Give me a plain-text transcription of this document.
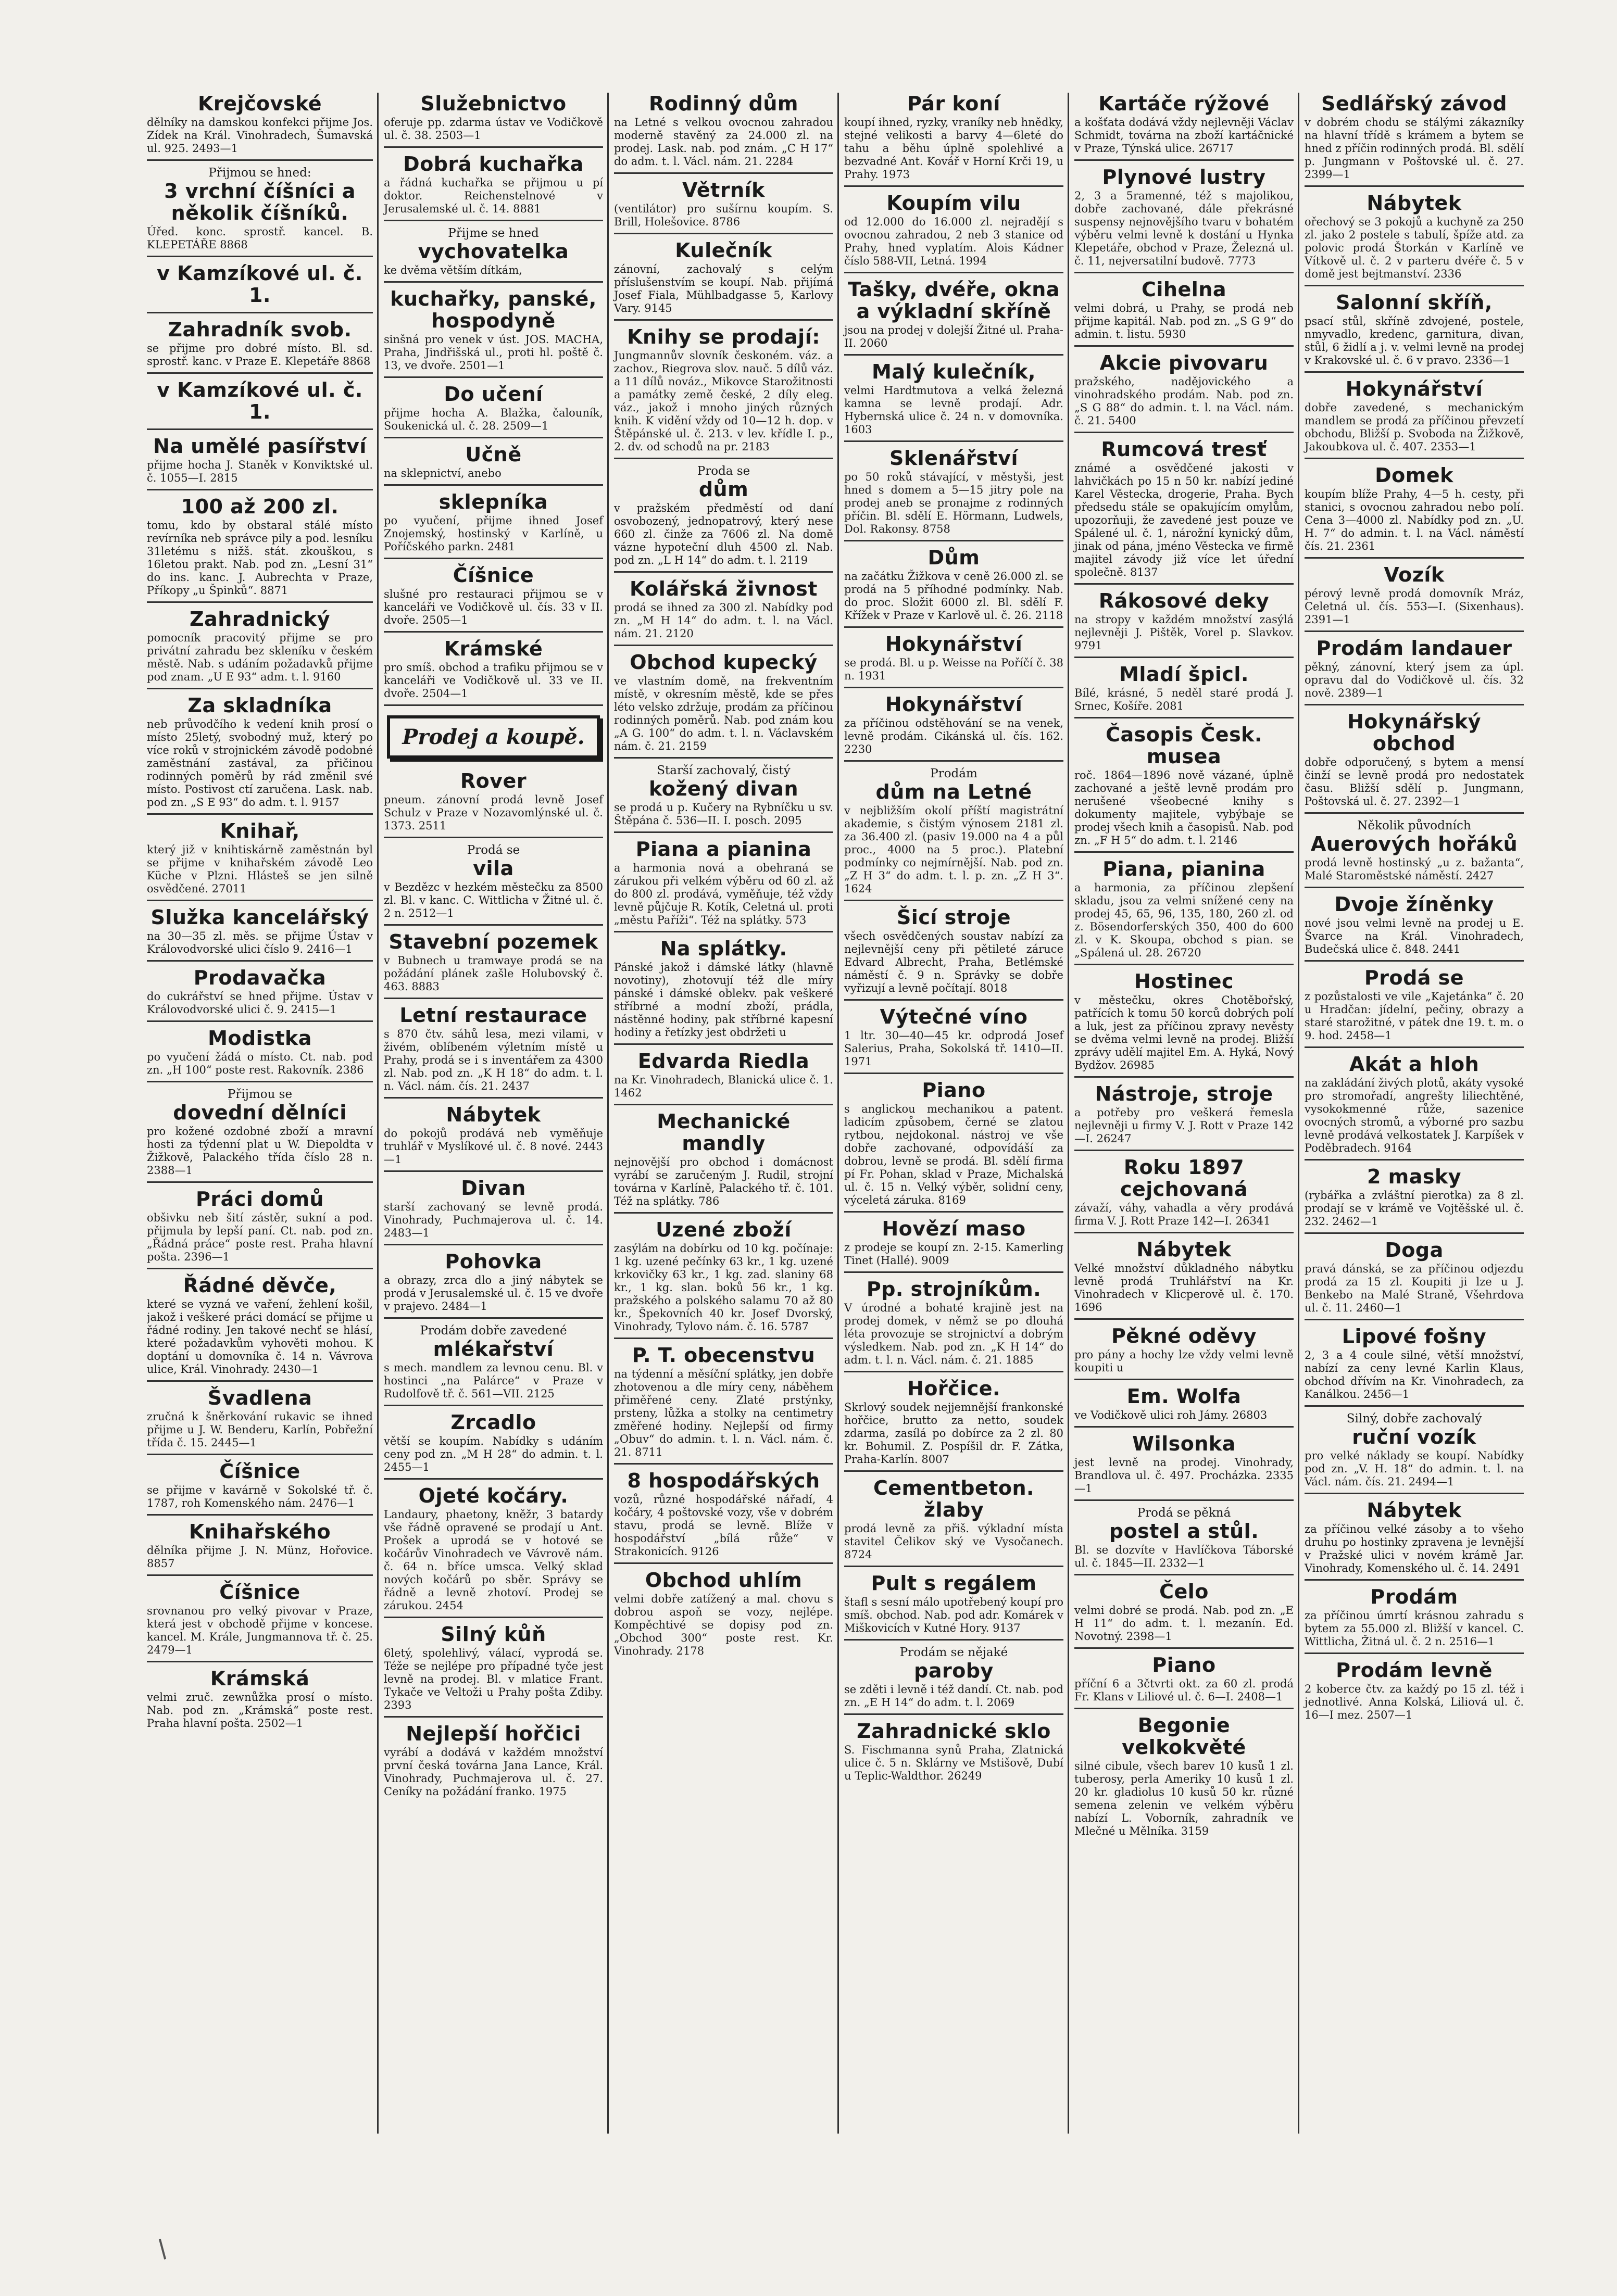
Krejčovské

dělníky na damskou konfekci přijme Jos. Zídek na Král. Vinohradech, Šumavská ul. 925. 2493—1

Přijmou se hned:

3 vrchní číšníci a několik číšníků.

Úřed. konc. sprostř. kancel. B. KLEPETÁŘE 8868

v Kamzíkové ul. č. 1.
Zahradník svob.

se přijme pro dobré místo. Bl. sd. sprostř. kanc. v Praze E. Klepetáře 8868

v Kamzíkové ul. č. 1.
Na umělé pasířství

přijme hocha J. Staněk v Konviktské ul. č. 1055—I. 2815

100 až 200 zl.

tomu, kdo by obstaral stálé místo revírníka neb správce pily a pod. lesníku 31letému s nižš. stát. zkouškou, s 16letou prakt. Nab. pod zn. „Lesní 31“ do ins. kanc. J. Aubrechta v Praze, Příkopy „u Špinků“. 8871

Zahradnický

pomocník pracovitý přijme se pro privátní zahradu bez skleníku v českém městě. Nab. s udáním požadavků přijme pod znam. „U E 93“ adm. t. l. 9160

Za skladníka

neb průvodčího k vedení knih prosí o místo 25letý, svobodný muž, který po více roků v strojnickém závodě podobné zaměstnání zastával, za přičinou rodinných poměrů by rád změnil své místo. Postivost ctí zaručena. Lask. nab. pod zn. „S E 93“ do adm. t. l. 9157

Knihař,

který již v knihtiskárně zaměstnán byl se přijme v knihařském závodě Leo Küche v Plzni. Hlásteš se jen silně osvědčené. 27011

Služka kancelářský

na 30—35 zl. měs. se přijme Ústav v Královodvorské ulici číslo 9. 2416—1

Prodavačka

do cukrářství se hned přijme. Ústav v Královodvorské ulici č. 9. 2415—1

Modistka

po vyučení žádá o místo. Ct. nab. pod zn. „H 100“ poste rest. Rakovník. 2386

Přijmou se

dovední dělníci

pro kožené ozdobné zboží a mravní hosti za týdenní plat u W. Diepoldta v Žižkově, Palackého třída číslo 28 n. 2388—1

Práci domů

obšivku neb šití zástěr, sukní a pod. přijmula by lepší paní. Ct. nab. pod zn. „Řádná práce“ poste rest. Praha hlavní pošta. 2396—1

Řádné děvče,

které se vyzná ve vaření, žehlení košil, jakož i veškeré práci domácí se přijme u řádné rodiny. Jen takové nechť se hlásí, které požadavkům vyhověti mohou. K doptání u domovníka č. 14 n. Vávrova ulice, Král. Vinohrady. 2430—1

Švadlena

zručná k šněrkování rukavic se ihned přijme u J. W. Benderu, Karlín, Pobřežní třída č. 15. 2445—1

Číšnice

se přijme v kavárně v Sokolské tř. č. 1787, roh Komenského nám. 2476—1

Knihařského

dělníka přijme J. N. Münz, Hořovice. 8857

Číšnice

srovnanou pro velký pivovar v Praze, která jest v obchodě přijme v koncese. kancel. M. Krále, Jungmannova tř. č. 25. 2479—1

Krámská

velmi zruč. zewnůžka prosí o místo. Nab. pod zn. „Krámská“ poste rest. Praha hlavní pošta. 2502—1

Služebnictvo

oferuje pp. zdarma ústav ve Vodičkově ul. č. 38. 2503—1

Dobrá kuchařka

a řádná kuchařka se přijmou u pí doktor. Reichenstelnové v Jerusalemské ul. č. 14. 8881

Přijme se hned

vychovatelka

ke dvěma větším dítkám,

kuchařky, panské, hospodyně

sinšná pro venek v úst. JOS. MACHA, Praha, Jindřišská ul., proti hl. poště č. 13, ve dvoře. 2501—1

Do učení

přijme hocha A. Blažka, čalouník, Soukenická ul. č. 28. 2509—1

Učně

na sklepnictví, anebo

sklepníka

po vyučení, přijme ihned Josef Znojemský, hostinský v Karlíně, u Poříčského parkn. 2481

Číšnice

slušné pro restauraci přijmou se v kanceláři ve Vodičkově ul. čís. 33 v II. dvoře. 2505—1

Krámské

pro smíš. obchod a trafiku přijmou se v kanceláři ve Vodičkově ul. 33 ve II. dvoře. 2504—1

Prodej a koupě.
Rover

pneum. zánovní prodá levně Josef Schulz v Praze v Nozavomlýnské ul. č. 1373. 2511

Prodá se

vila

v Bezdězc v hezkém městečku za 8500 zl. Bl. v kanc. C. Wittlicha v Žitné ul. č. 2 n. 2512—1

Stavební pozemek

v Bubnech u tramwaye prodá se na požádání plánek zašle Holubovský č. 463. 8883

Letní restaurace

s 870 čtv. sáhů lesa, mezi vilami, v živém, oblíbeném výletním místě u Prahy, prodá se i s inventářem za 4300 zl. Nab. pod zn. „K H 18“ do adm. t. l. n. Václ. nám. čís. 21. 2437

Nábytek

do pokojů prodává neb vyměňuje truhlář v Myslíkové ul. č. 8 nové. 2443—1

Divan

starší zachovaný se levně prodá. Vinohrady, Puchmajerova ul. č. 14. 2483—1

Pohovka

a obrazy, zrca dlo a jiný nábytek se prodá v Jerusalemské ul. č. 15 ve dvoře v prajevo. 2484—1

Prodám dobře zavedené

mlékařství

s mech. mandlem za levnou cenu. Bl. v hostinci „na Palárce“ v Praze v Rudolfově tř. č. 561—VII. 2125

Zrcadlo

větší se koupím. Nabídky s udáním ceny pod zn. „M H 28“ do admin. t. l. 2455—1

Ojeté kočáry.

Landaury, phaetony, kněžr, 3 batardy vše řádně opravené se prodají u Ant. Prošek a uprodá se v hotové se kočárův Vinohradech ve Vávrově nám. č. 64 n. bříce umsca. Velký sklad nových kočárů po sběr. Správy se řádně a levně zhotoví. Prodej se zárukou. 2454

Silný kůň

6letý, spolehlivý, válací, vyprodá se. Téže se nejlépe pro případné tyče jest levně na prodej. Bl. v mlatice Frant. Tykače ve Veltoži u Prahy pošta Zdiby. 2393

Nejlepší hořčici

vyrábí a dodává v každém množství první česká továrna Jana Lance, Král. Vinohrady, Puchmajerova ul. č. 27. Ceníky na požádání franko. 1975

Rodinný dům

na Letné s velkou ovocnou zahradou moderně stavěný za 24.000 zl. na prodej. Lask. nab. pod znám. „C H 17“ do adm. t. l. Václ. nám. 21. 2284

Větrník

(ventilátor) pro sušírnu koupím. S. Brill, Holešovice. 8786

Kulečník

zánovní, zachovalý s celým příslušenstvím se koupí. Nab. přijímá Josef Fiala, Mühlbadgasse 5, Karlovy Vary. 9145

Knihy se prodají:

Jungmannův slovník českoném. váz. a zachov., Riegrova slov. nauč. 5 dílů váz. a 11 dílů nováz., Mikovce Starožitnosti a památky země české, 2 díly eleg. váz., jakož i mnoho jiných různých knih. K vidění vždy od 10—12 h. dop. v Štěpánské ul. č. 213. v lev. křídle I. p., 2. dv. od schodů na pr. 2183

Proda se

dům

v pražském předměstí od daní osvobozený, jednopatrový, který nese 660 zl. činže za 7606 zl. Na domě vázne hypoteční dluh 4500 zl. Nab. pod zn. „L H 14“ do adm. t. l. 2119

Kolářská živnost

prodá se ihned za 300 zl. Nabídky pod zn. „M H 14“ do adm. t. l. na Václ. nám. 21. 2120

Obchod kupecký

ve vlastním domě, na frekventním místě, v okresním městě, kde se přes léto velsko zdržuje, prodám za příčinou rodinných poměrů. Nab. pod znám kou „A G. 100“ do adm. t. l. n. Václavském nám. č. 21. 2159

Starší zachovalý, čistý

kožený divan

se prodá u p. Kučery na Rybníčku u sv. Štěpána č. 536—II. I. posch. 2095

Piana a pianina

a harmonia nová a obehraná se zárukou při velkém výběru od 60 zl. až do 800 zl. prodává, vyměňuje, též vždy levně půjčuje R. Kotík, Celetná ul. proti „městu Paříži“. Též na splátky. 573

Na splátky.

Pánské jakož i dámské látky (hlavně novotiny), zhotovují též dle míry pánské i dámské oblekv. pak veškeré stříbrné a modní zboží, prádla, nástěnné hodiny, pak stříbrné kapesní hodiny a řetízky jest obdržeti u

Edvarda Riedla

na Kr. Vinohradech, Blanická ulice č. 1. 1462

Mechanické mandly

nejnovější pro obchod i domácnost vyrábí se zaručeným J. Rudil, strojní továrna v Karlíně, Palackého tř. č. 101. Též na splátky. 786

Uzené zboží

zasýlám na dobírku od 10 kg. počínaje: 1 kg. uzené pečínky 63 kr., 1 kg. uzené krkovičky 63 kr., 1 kg. zad. slaniny 68 kr., 1 kg. slan. boků 56 kr., 1 kg. pražského a polského salamu 70 až 80 kr., Špekovních 40 kr. Josef Dvorský, Vinohrady, Tylovo nám. č. 16. 5787

P. T. obecenstvu

na týdenní a měsíční splátky, jen dobře zhotovenou a dle míry ceny, náběhem přiměřené ceny. Zlaté prstýnky, prsteny, lůžka a stolky na centimetry změřené hodiny. Nejlepší od firmy „Obuv“ do admin. t. l. n. Václ. nám. č. 21. 8711

8 hospodářských

vozů, různé hospodářské nářadí, 4 kočáry, 4 poštovské vozy, vše v dobrém stavu, prodá se levně. Blíže v hospodářství „bílá růže“ v Strakonicích. 9126

Obchod uhlím

velmi dobře zatížený a mal. chovu s dobrou aspoň se vozy, nejlépe. Kompěchtivé se dopisy pod zn. „Obchod 300“ poste rest. Kr. Vinohrady. 2178

Pár koní

koupí ihned, ryzky, vraníky neb hnědky, stejné velikosti a barvy 4—6leté do tahu a běhu úplně spolehlivé a bezvadné Ant. Kovář v Horní Krči 19, u Prahy. 1973

Koupím vilu

od 12.000 do 16.000 zl. nejradějí s ovocnou zahradou, 2 neb 3 stanice od Prahy, hned vyplatím. Alois Kádner číslo 588-VII, Letná. 1994

Tašky, dvéře, okna a výkladní skříně

jsou na prodej v dolejší Žitné ul. Praha-II. 2060

Malý kulečník,

velmi Hardtmutova a velká železná kamna se levně prodají. Adr. Hybernská ulice č. 24 n. v domovníka. 1603

Sklenářství

po 50 roků stávající, v městyši, jest hned s domem a 5—15 jitry pole na prodej aneb se pronajme z rodinných příčin. Bl. sdělí E. Hörmann, Ludwels, Dol. Rakonsy. 8758

Dům

na začátku Žižkova v ceně 26.000 zl. se prodá na 5 příhodné podmínky. Nab. do proc. Složit 6000 zl. Bl. sdělí F. Křížek v Praze v Karlově ul. č. 26. 2118

Hokynářství

se prodá. Bl. u p. Weisse na Poříčí č. 38 n. 1931

Hokynářství

za příčinou odstěhování se na venek, levně prodám. Cikánská ul. čís. 162. 2230

Prodám

dům na Letné

v nejbližším okolí příští magistrátní akademie, s čistým výnosem 2181 zl. za 36.400 zl. (pasiv 19.000 na 4 a půl proc., 4000 na 5 proc.). Platební podmínky co nejmírnější. Nab. pod zn. „Z H 3“ do adm. t. l. p. zn. „Z H 3“. 1624

Šicí stroje

všech osvědčených soustav nabízí za nejlevnější ceny při pětileté záruce Edvard Albrecht, Praha, Betlémské náměstí č. 9 n. Správky se dobře vyřizují a levně počítají. 8018

Výtečné víno

1 ltr. 30—40—45 kr. odprodá Josef Salerius, Praha, Sokolská tř. 1410—II. 1971

Piano

s anglickou mechanikou a patent. ladicím způsobem, černé se zlatou rytbou, nejdokonal. nástroj ve vše dobře zachované, odpovídáší za dobrou, levně se prodá. Bl. sdělí firma pí Fr. Pohan, sklad v Praze, Michalská ul. č. 15 n. Velký výběr, solidní ceny, výceletá záruka. 8169

Hovězí maso

z prodeje se koupí zn. 2-15. Kamerling Tinet (Hallé). 9009

Pp. strojníkům.

V úrodné a bohaté krajině jest na prodej domek, v němž se po dlouhá léta provozuje se strojnictví a dobrým výsledkem. Nab. pod zn. „K H 14“ do adm. t. l. n. Václ. nám. č. 21. 1885

Hořčice.

Skrlový soudek nejjemnější frankonské hořčice, brutto za netto, soudek zdarma, zasílá po dobírce za 2 zl. 80 kr. Bohumil. Z. Pospíšil dr. F. Zátka, Praha-Karlín. 8007

Cementbeton. žlaby

prodá levně za přiš. výkladní místa stavitel Čelikov ský ve Vysočanech. 8724

Pult s regálem

štafl s sesní málo upotřebený koupí pro smíš. obchod. Nab. pod adr. Komárek v Miškovicích v Kutné Hory. 9137

Prodám se nějaké

paroby

se zděti i levně i též dandí. Ct. nab. pod zn. „E H 14“ do adm. t. l. 2069

Zahradnické sklo

S. Fischmanna synů Praha, Zlatnická ulice č. 5 n. Sklárny ve Mstišově, Dubí u Teplic-Waldthor. 26249

Kartáče rýžové

a košťata dodává vždy nejlevněji Václav Schmidt, továrna na zboží kartáčnické v Praze, Týnská ulice. 26717

Plynové lustry

2, 3 a 5ramenné, též s majolikou, dobře zachované, dále překrásné suspensy nejnovějšího tvaru v bohatém výběru velmi levně k dostání u Hynka Klepetáře, obchod v Praze, Železná ul. č. 11, nejversatilní budově. 7773

Cihelna

velmi dobrá, u Prahy, se prodá neb přijme kapitál. Nab. pod zn. „S G 9“ do admin. t. listu. 5930

Akcie pivovaru

pražského, nadějovického a vinohradského prodám. Nab. pod zn. „S G 88“ do admin. t. l. na Václ. nám. č. 21. 5400

Rumcová tresť

známé a osvědčené jakosti v lahvičkách po 15 n 50 kr. nabízí jediné Karel Věstecka, drogerie, Praha. Bych předsedu stále se opakujícím omylům, upozorňuji, že zavedené jest pouze ve Spálené ul. č. 1, nárožní kynický dům, jinak od pána, jméno Věstecka ve firmě majitel závody již více let úřední společně. 8137

Rákosové deky

na stropy v každém množství zasýlá nejlevněji J. Pištěk, Vorel p. Slavkov. 9791

Mladí špicl.

Bílé, krásné, 5 neděl staré prodá J. Srnec, Košíře. 2081

Časopis Česk. musea

roč. 1864—1896 nově vázané, úplně zachované a ještě levně prodám pro nerušené všeobecné knihy s dokumenty majitele, vybýbaje se prodej všech knih a časopisů. Nab. pod zn. „F H 5“ do adm. t. l. 2146

Piana, pianina

a harmonia, za příčinou zlepšení skladu, jsou za velmi snížené ceny na prodej 45, 65, 96, 135, 180, 260 zl. od z. Bösendorferských 350, 400 do 600 zl. v K. Skoupa, obchod s pian. se „Spálená ul. 28. 26720

Hostinec

v městečku, okres Chotěbořský, patřících k tomu 50 korců dobrých polí a luk, jest za příčinou zpravy nevěsty se dvěma velmi levně na prodej. Bližší zprávy udělí majitel Em. A. Hyká, Nový Bydžov. 26985

Nástroje, stroje

a potřeby pro veškerá řemesla nejlevněji u firmy V. J. Rott v Praze 142—I. 26247

Roku 1897 cejchovaná

závaží, váhy, vahadla a věry prodává firma V. J. Rott Praze 142—I. 26341

Nábytek

Velké množství důkladného nábytku levně prodá Truhlářství na Kr. Vinohradech v Klicperově ul. č. 170. 1696

Pěkné oděvy

pro pány a hochy lze vždy velmi levně koupiti u

Em. Wolfa

ve Vodičkově ulici roh Jámy. 26803

Wilsonka

jest levně na prodej. Vinohrady, Brandlova ul. č. 497. Procházka. 2335—1

Prodá se pěkná

postel a stůl.

Bl. se dozvíte v Havlíčkova Táborské ul. č. 1845—II. 2332—1

Čelo

velmi dobré se prodá. Nab. pod zn. „E H 11“ do adm. t. l. mezanín. Ed. Novotný. 2398—1

Piano

příční 6 a 3čtvrti okt. za 60 zl. prodá Fr. Klans v Liliové ul. č. 6—I. 2408—1

Begonie velkokvěté

silné cibule, všech barev 10 kusů 1 zl. tuberosy, perla Ameriky 10 kusů 1 zl. 20 kr. gladiolus 10 kusů 50 kr. různé semena zelenin ve velkém výběru nabízí L. Voborník, zahradník ve Mlečné u Mělníka. 3159

Sedlářský závod

v dobrém chodu se stálými zákazníky na hlavní třídě s krámem a bytem se hned z příčin rodinných prodá. Bl. sdělí p. Jungmann v Poštovské ul. č. 27. 2399—1

Nábytek

ořechový se 3 pokojů a kuchyně za 250 zl. jako 2 postele s tabulí, špíže atd. za polovic prodá Štorkán v Karlíně ve Vítkově ul. č. 2 v parteru dvéře č. 5 v domě jest bejtmanství. 2336

Salonní skříň,

psací stůl, skříně zdvojené, postele, nmyvadlo, kredenc, garnitura, divan, stůl, 6 židlí a j. v. velmi levně na prodej v Krakovské ul. č. 6 v pravo. 2336—1

Hokynářství

dobře zavedené, s mechanickým mandlem se prodá za příčinou převzetí obchodu, Bližší p. Svoboda na Žižkově, Jakoubkova ul. č. 407. 2353—1

Domek

koupím blíže Prahy, 4—5 h. cesty, při stanici, s ovocnou zahradou nebo polí. Cena 3—4000 zl. Nabídky pod zn. „U. H. 7“ do admin. t. l. na Václ. náměstí čís. 21. 2361

Vozík

pérový levně prodá domovník Mráz, Celetná ul. čís. 553—I. (Sixenhaus). 2391—1

Prodám landauer

pěkný, zánovní, který jsem za úpl. opravu dal do Vodičkově ul. čís. 32 nově. 2389—1

Hokynářský obchod

dobře odporučený, s bytem a mensí činží se levně prodá pro nedostatek času. Bližší sdělí p. Jungmann, Poštovská ul. č. 27. 2392—1

Několik původních

Auerových hořáků

prodá levně hostinský „u z. bažanta“, Malé Staroměstské náměstí. 2427

Dvoje žíněnky

nové jsou velmi levně na prodej u E. Švarce na Král. Vinohradech, Budečská ulice č. 848. 2441

Prodá se

z pozůstalosti ve vile „Kajetánka“ č. 20 u Hradčan: jídelní, pečiny, obrazy a staré starožitné, v pátek dne 19. t. m. o 9. hod. 2458—1

Akát a hloh

na zakládání živých plotů, akáty vysoké pro stromořadí, angrešty liliechtěné, vysokokmenné růže, sazenice ovocných stromů, a výborné pro sazbu levně prodává velkostatek J. Karpíšek v Poděbradech. 9164

2 masky

(rybářka a zvláštní pierotka) za 8 zl. prodají se v krámě ve Vojtěšské ul. č. 232. 2462—1

Doga

pravá dánská, se za příčinou odjezdu prodá za 15 zl. Koupiti ji lze u J. Benkebo na Malé Straně, Všehrdova ul. č. 11. 2460—1

Lipové fošny

2, 3 a 4 coule silné, větší množství, nabízí za ceny levné Karlin Klaus, obchod dřívím na Kr. Vinohradech, za Kanálkou. 2456—1

Silný, dobře zachovalý

ruční vozík

pro velké náklady se koupí. Nabídky pod zn. „V. H. 18“ do admin. t. l. na Václ. nám. čís. 21. 2494—1

Nábytek

za příčinou velké zásoby a to všeho druhu po hostinky zpravena je levnější v Pražské ulici v novém krámě Jar. Vinohrady, Komenského ul. č. 14. 2491

Prodám

za příčinou úmrtí krásnou zahradu s bytem za 55.000 zl. Bližší v kancel. C. Wittlicha, Žitná ul. č. 2 n. 2516—1

Prodám levně

2 koberce čtv. za každý po 15 zl. též i jednotlivé. Anna Kolská, Liliová ul. č. 16—I mez. 2507—1
